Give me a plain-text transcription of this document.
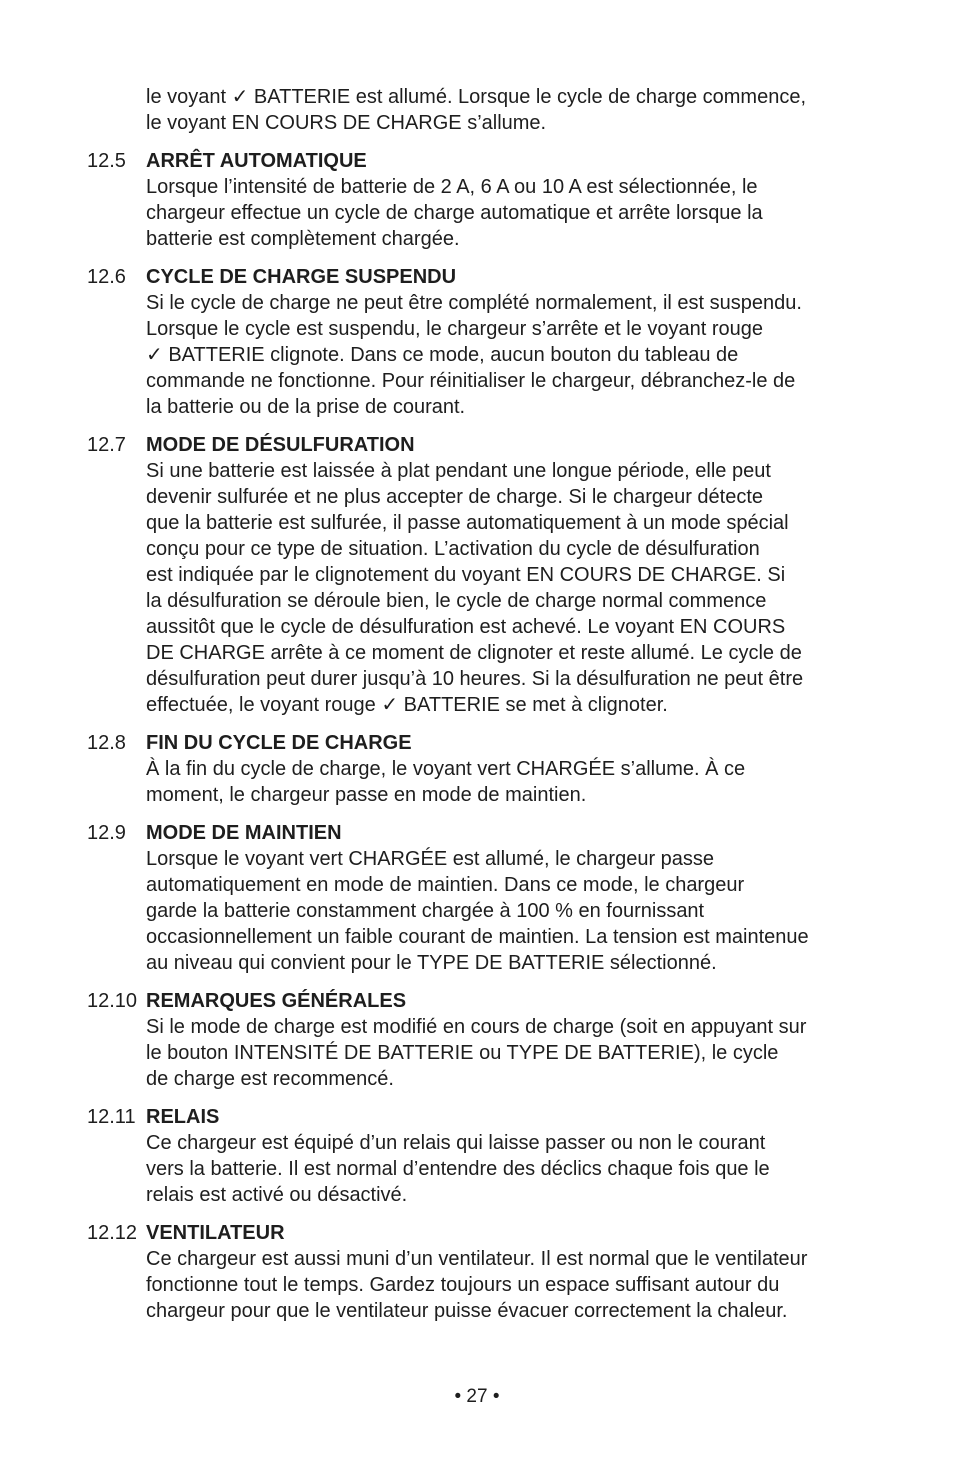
le voyant ✓ BATTERIE est allumé. Lorsque le cycle de charge commence,

le voyant EN COURS DE CHARGE s’allume.

12.5	ARRÊT AUTOMATIQUE

Lorsque l’intensité de batterie de 2 A, 6 A ou 10 A est sélectionnée, le

chargeur effectue un cycle de charge automatique et arrête lorsque la

batterie est complètement chargée.

12.6	CYCLE DE CHARGE SUSPENDU

Si le cycle de charge ne peut être complété normalement, il est suspendu.

Lorsque le cycle est suspendu, le chargeur s’arrête et le voyant rouge

✓ BATTERIE clignote. Dans ce mode, aucun bouton du tableau de

commande ne fonctionne. Pour réinitialiser le chargeur, débranchez-le de

la batterie ou de la prise de courant.

12.7	MODE DE DÉSULFURATION

Si une batterie est laissée à plat pendant une longue période, elle peut

devenir sulfurée et ne plus accepter de charge. Si le chargeur détecte

que la batterie est sulfurée, il passe automatiquement à un mode spécial

conçu pour ce type de situation. L’activation du cycle de désulfuration

est indiquée par le clignotement du voyant EN COURS DE CHARGE. Si

la désulfuration se déroule bien, le cycle de charge normal commence

aussitôt que le cycle de désulfuration est achevé. Le voyant EN COURS

DE CHARGE arrête à ce moment de clignoter et reste allumé. Le cycle de

désulfuration peut durer jusqu’à 10 heures. Si la désulfuration ne peut être

effectuée, le voyant rouge ✓ BATTERIE se met à clignoter.

12.8	FIN DU CYCLE DE CHARGE

À la fin du cycle de charge, le voyant vert CHARGÉE s’allume. À ce

moment, le chargeur passe en mode de maintien.

12.9	MODE DE MAINTIEN

Lorsque le voyant vert CHARGÉE est allumé, le chargeur passe

automatiquement en mode de maintien. Dans ce mode, le chargeur

garde la batterie constamment chargée à 100 % en fournissant

occasionnellement un faible courant de maintien. La tension est maintenue

au niveau qui convient pour le TYPE DE BATTERIE sélectionné.

12.10 REMARQUES GÉNÉRALES

Si le mode de charge est modifié en cours de charge (soit en appuyant sur

le bouton INTENSITÉ DE BATTERIE ou TYPE DE BATTERIE), le cycle

de charge est recommencé.

12.11 RELAIS

Ce chargeur est équipé d’un relais qui laisse passer ou non le courant

vers la batterie. Il est normal d’entendre des déclics chaque fois que le

relais est activé ou désactivé.

12.12 VENTILATEUR

Ce chargeur est aussi muni d’un ventilateur. Il est normal que le ventilateur

fonctionne tout le temps. Gardez toujours un espace suffisant autour du

chargeur pour que le ventilateur puisse évacuer correctement la chaleur.

• 27 •
